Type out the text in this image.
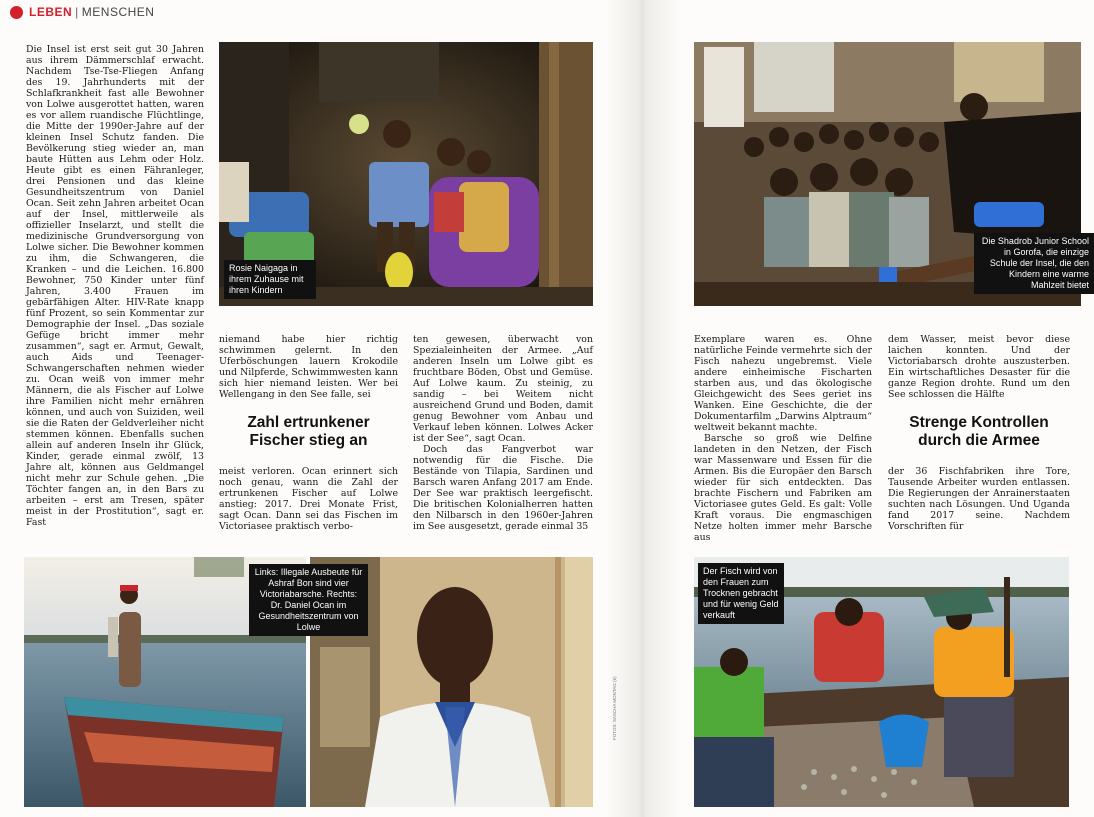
LEBEN | MENSCHEN

Die Insel ist erst seit gut 30 Jahren aus ihrem Dämmerschlaf erwacht. Nachdem Tse-Tse-Fliegen Anfang des 19. Jahrhunderts mit der Schlafkrankheit fast alle Bewohner von Lolwe ausgerottet hatten, waren es vor allem ruandische Flüchtlinge, die Mitte der 1990er-Jahre auf der kleinen Insel Schutz fanden. Die Bevölkerung stieg wieder an, man baute Hütten aus Lehm oder Holz. Heute gibt es einen Fähranleger, drei Pensionen und das kleine Gesundheitszentrum von Daniel Ocan. Seit zehn Jahren arbeitet Ocan auf der Insel, mittlerweile als offizieller Inselarzt, und stellt die medizinische Grundversorgung von Lolwe sicher. Die Bewohner kommen zu ihm, die Schwangeren, die Kranken – und die Leichen. 16.800 Bewohner, 750 Kinder unter fünf Jahren, 3.400 Frauen im gebärfähigen Alter. HIV-Rate knapp fünf Prozent, so sein Kommentar zur Demographie der Insel. „Das soziale Gefüge bricht immer mehr zusammen“, sagt er. Armut, Gewalt, auch Aids und Teenager-Schwangerschaften nehmen wieder zu. Ocan weiß von immer mehr Männern, die als Fischer auf Lolwe ihre Familien nicht mehr ernähren können, und auch von Suiziden, weil sie die Raten der Geldverleiher nicht stemmen können. Ebenfalls suchen allein auf anderen Inseln ihr Glück, Kinder, gerade einmal zwölf, 13 Jahre alt, können aus Geldmangel nicht mehr zur Schule gehen. „Die Töchter fangen an, in den Bars zu arbeiten – erst am Tresen, später meist in der Prostitution“, sagt er. Fast

Rosie Naigaga in ihrem Zuhause mit ihren Kindern

niemand habe hier richtig schwimmen gelernt. In den Uferböschungen lauern Krokodile und Nilpferde, Schwimmwesten kann sich hier niemand leisten. Wer bei Wellengang in den See falle, sei

Zahl ertrunkener Fischer stieg an

meist verloren. Ocan erinnert sich noch genau, wann die Zahl der ertrunkenen Fischer auf Lolwe anstieg: 2017. Drei Monate Frist, sagt Ocan. Dann sei das Fischen im Victoriasee praktisch verbo-

ten gewesen, überwacht von Spezialeinheiten der Armee. „Auf anderen Inseln um Lolwe gibt es fruchtbare Böden, Obst und Gemüse. Auf Lolwe kaum. Zu steinig, zu sandig – bei Weitem nicht ausreichend Grund und Boden, damit genug Bewohner vom Anbau und Verkauf leben können. Lolwes Acker ist der See“, sagt Ocan.

Doch das Fangverbot war notwendig für die Fische. Die Bestände von Tilapia, Sardinen und Barsch waren Anfang 2017 am Ende. Der See war praktisch leergefischt. Die britischen Kolonialherren hatten den Nilbarsch in den 1960er-Jahren im See ausgesetzt, gerade einmal 35

Links: Illegale Ausbeute für Ashraf Bon sind vier Victoriabarsche. Rechts: Dr. Daniel Ocan im Gesundheitszentrum von Lolwe
FOTOS: SASCHA MONTAG (6)
Die Shadrob Junior School in Gorofa, die einzige Schule der Insel, die den Kindern eine warme Mahlzeit bietet

Exemplare waren es. Ohne natürliche Feinde vermehrte sich der Fisch nahezu ungebremst. Viele andere einheimische Fischarten starben aus, und das ökologische Gleichgewicht des Sees geriet ins Wanken. Eine Geschichte, die der Dokumentarfilm „Darwins Alptraum“ weltweit bekannt machte.

Barsche so groß wie Delfine landeten in den Netzen, der Fisch war Massenware und Essen für die Armen. Bis die Europäer den Barsch wieder für sich entdeckten. Das brachte Fischern und Fabriken am Victoriasee gutes Geld. Es galt: Volle Kraft voraus. Die engmaschigen Netze holten immer mehr Barsche aus

dem Wasser, meist bevor diese laichen konnten. Und der Victoriabarsch drohte auszusterben. Ein wirtschaftliches Desaster für die ganze Region drohte. Rund um den See schlossen die Hälfte

Strenge Kontrollen durch die Armee

der 36 Fischfabriken ihre Tore, Tausende Arbeiter wurden entlassen. Die Regierungen der Anrainerstaaten suchten nach Lösungen. Und Uganda fand 2017 seine. Nachdem Vorschriften für

Der Fisch wird von den Frauen zum Trocknen gebracht und für wenig Geld verkauft
